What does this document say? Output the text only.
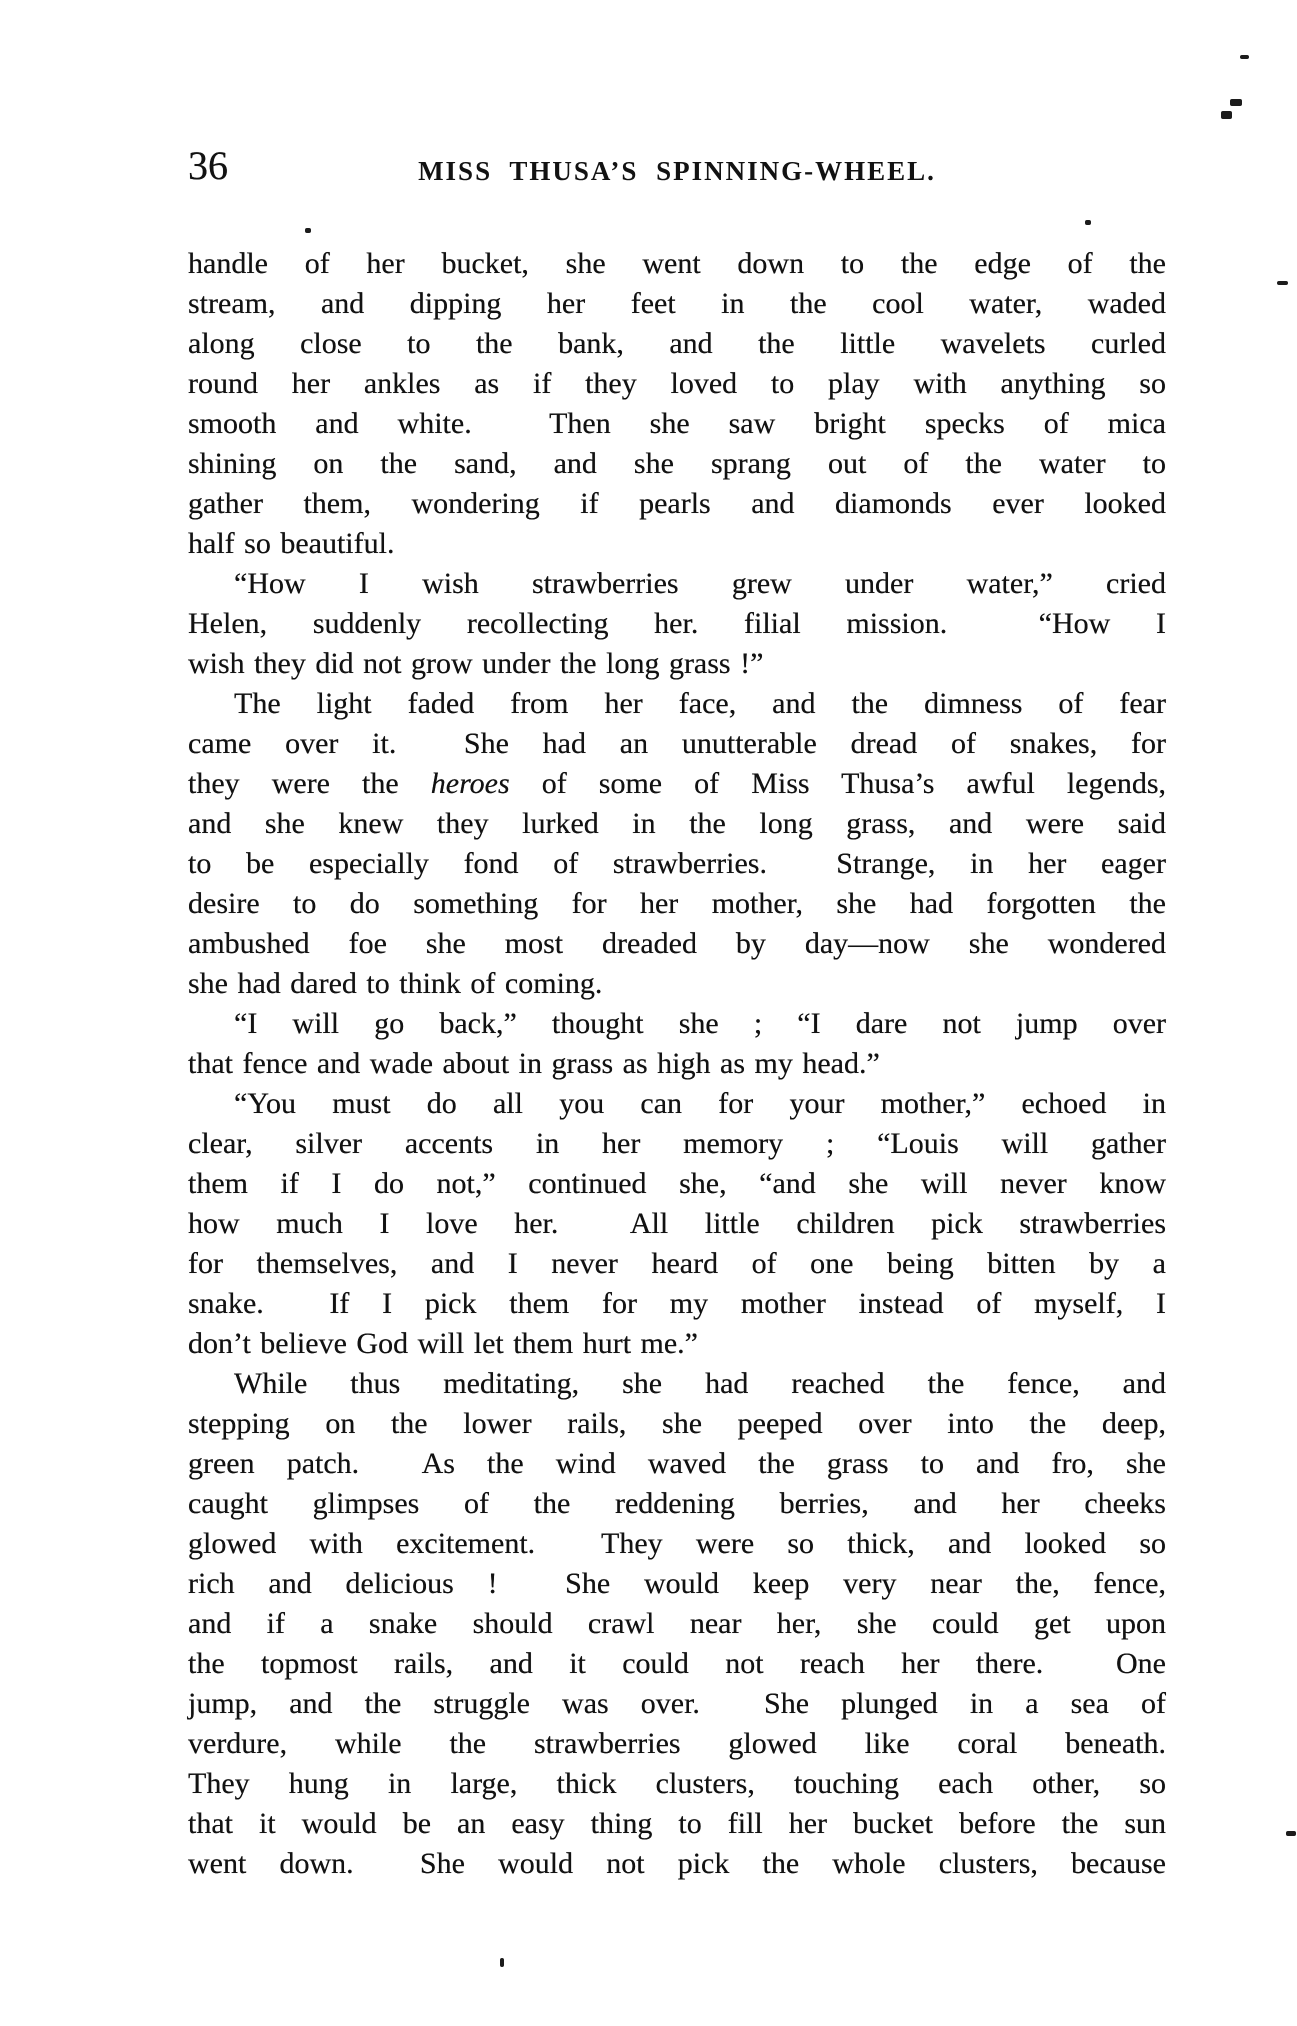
36	MISS THUSA’S SPINNING-WHEEL.
handle of her bucket, she went down to the edge of the
stream, and dipping her feet in the cool water, waded
along close to the bank, and the little wavelets curled
round her ankles as if they loved to play with anything so
smooth and white.  Then she saw bright specks of mica
shining on the sand, and she sprang out of the water to
gather them, wondering if pearls and diamonds ever looked
half so beautiful.
“How I wish strawberries grew under water,” cried
Helen, suddenly recollecting her. filial mission.  “How I
wish they did not grow under the long grass !”
The light faded from her face, and the dimness of fear
came over it.  She had an unutterable dread of snakes, for
they were the heroes of some of Miss Thusa’s awful legends,
and she knew they lurked in the long grass, and were said
to be especially fond of strawberries.  Strange, in her eager
desire to do something for her mother, she had forgotten the
ambushed foe she most dreaded by day—now she wondered
she had dared to think of coming.
“I will go back,” thought she ; “I dare not jump over
that fence and wade about in grass as high as my head.”
“You must do all you can for your mother,” echoed in
clear, silver accents in her memory ; “Louis will gather
them if I do not,” continued she, “and she will never know
how much I love her.  All little children pick strawberries
for themselves, and I never heard of one being bitten by a
snake.  If I pick them for my mother instead of myself, I
don’t believe God will let them hurt me.”
While thus meditating, she had reached the fence, and
stepping on the lower rails, she peeped over into the deep,
green patch.  As the wind waved the grass to and fro, she
caught glimpses of the reddening berries, and her cheeks
glowed with excitement.  They were so thick, and looked so
rich and delicious !  She would keep very near the, fence,
and if a snake should crawl near her, she could get upon
the topmost rails, and it could not reach her there.  One
jump, and the struggle was over.  She plunged in a sea of
verdure, while the strawberries glowed like coral beneath.
They hung in large, thick clusters, touching each other, so
that it would be an easy thing to fill her bucket before the sun
went down.  She would not pick the whole clusters, because
